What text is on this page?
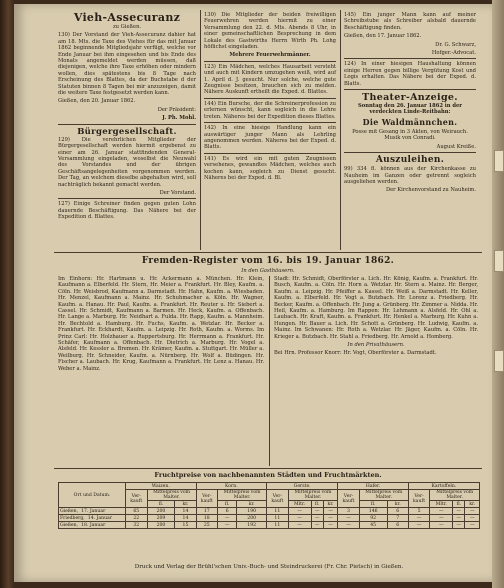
Vieh-Assecuranz

zu Gießen.

130) Der Vorstand der Vieh-Assecuranz dahier hat am 18. Mts. die Taxe des Viehes für das mit Januar 1862 beginnende Mitgliedsjahr verfügt, welche vor Ende Januar bei ihm eingesehen und bis Ende des Monats angemeldet werden müssen, daß diejenigen, welche ihre Taxe erhöhen oder mindern wollen, dies spätestens bis 8 Tage nach Erscheinung des Blattes, da der Buchstabe d der Statuten binnen 8 Tagen bei mir anzuzeigen, damit die weitere Taxe festgesetzt werden kann.

Gießen, den 20. Januar 1862.

Der Präsident:

J. Ph. Mohl.

Bürgergesellschaft.

129) Die verehrlichen Mitglieder der Bürgergesellschaft werden hiermit ergebenst zu einer am 26. Januar stattfindenden General-Versammlung eingeladen, woselbst die Neuwahl des Vorstandes und der übrigen Geschäftsangelegenheiten vorgenommen werden. Der Tag, an welchem dieselbe abgehalten wird, soll nachträglich bekannt gemacht werden.

Der Vorstand.

127) Einige Schreiner finden gegen guten Lohn dauernde Beschäftigung. Das Nähere bei der Expedition d. Blattes.

130) Die Mitglieder der beiden freiwilligen Feuerwehren werden hiermit zu einer Versammlung den 22. d. Mts. Abends 8 Uhr, in einer gemeinschaftlichen Besprechung in dem Lokale des Gastwirths Herrn Wirth Ph. Lohg höflichst eingeladen.

Mehrere Feuerwehrmänner.

123) Ein Mädchen, welches Hausarbeit versteht und auch mit Kindern umzugehen weiß, wird auf 1. April d. J. gesucht. Nur solche, welche gute Zeugnisse besitzen, brauchen sich zu melden. Nähere Auskunft ertheilt die Exped. d. Blattes.

144) Ein Bursche, der die Schreinerprofession zu erlernen wünscht, kann sogleich in die Lehre treten. Näheres bei der Expedition dieses Blattes.

142) In eine hiesige Handlung kann ein auswärtiger junger Mann als Lehrling angenommen werden. Näheres bei der Exped. d. Blatts.

141) Es wird ein mit guten Zeugnissen versehenes, gewandtes Mädchen, welches auch kochen kann, sogleich zu Dienst gesucht. Näheres bei der Exped. d. Bl.

145) Ein junger Mann kann auf meiner Schreibstube als Schreiber alsbald dauernde Beschäftigung finden.

Gießen, den 17. Januar 1862.

Dr. G. Schwarz,

Hofger.-Advocat.

124) In einer hiesigen Haushaltung können einige Herren gegen billige Vergütung Kost und Logis erhalten. Das Nähere bei der Exped. d. Blatts.

Theater-Anzeige.

Sonntag den 26. Januar 1862 in der verdeckten Linde-Reitbahn:

Die Waldmännchen.

Posse mit Gesang in 3 Akten, von Weirauch. Musik von Conradi.

August Kreiße.

Auszuleihen.

99) 334 fl. können aus der Kirchenkasse zu Nauheim im Ganzen oder getrennt sogleich ausgeliehen werden.

Der Kirchenvorstand zu Nauheim.

Fremden-Register vom 16. bis 19. Januar 1862.
In den Gasthäusern.

Im Einhorn: Hr. Hartmann u. Hr. Ackermann a. München. Hr. Klein, Kaufmann a. Elberfeld. Hr. Stern, Hr. Meier a. Frankfurt. Hr. Bley, Kaufm. a. Cöln. Hr. Weisbrod, Kaufmann a. Darmstadt. Hr. Hahn, Kaufm. a. Wiesbaden. Hr. Menzel, Kaufmann a. Mainz. Hr. Schuhmacher a. Köln. Hr. Wagner, Kaufm. a. Hanau. Hr. Paul, Kaufm. a. Frankfurt. Hr. Reuter u. Hr. Siebert a. Cassel. Hr. Schmidt, Kaufmann a. Barmen. Hr. Heck, Kaufm. a. Offenbach. Hr. Lange a. Marburg. Hr. Neidhart a. Fulda. Hr. Rapp, Kaufm. a. Mannheim. Hr. Bechtold a. Hamburg. Hr. Fuchs, Kaufm. a. Wetzlar. Hr. Becker a. Frankfurt. Hr. Eckhardt, Kaufm. a. Leipzig. Hr. Roth, Kaufm. a. Worms. Im Prinz Carl: Hr. Holzhauer a. Ruppertsburg. Hr. Herrmann a. Frankfurt. Hr. Schäfer, Kaufmann a. Offenbach. Hr. Dietrich a. Marburg. Hr. Vogel a. Alsfeld. Hr. Kessler a. Bremen. Hr. Krämer, Kaufm. a. Stuttgart. Hr. Müller a. Weilburg. Hr. Schneider, Kaufm. a. Nürnberg. Hr. Wolf a. Büdingen. Hr. Fischer a. Laubach. Hr. Krug, Kaufmann a. Frankfurt. Hr. Lenz a. Hanau. Hr. Weber a. Mainz.

Stadt: Hr. Schmidt, Oberförster a. Lich. Hr. König, Kaufm. a. Frankfurt. Hr. Busch, Kaufm. a. Cöln. Hr. Horn a. Wetzlar. Hr. Stern a. Mainz. Hr. Berger, Kaufm. a. Leipzig. Hr. Pfeiffer a. Kassel. Hr. Weiß a. Darmstadt. Hr. Keller, Kaufm. a. Elberfeld. Hr. Vogt a. Butzbach. Hr. Lorenz a. Friedberg. Hr. Becker, Kaufm. a. Offenbach. Hr. Jung a. Grünberg. Hr. Zimmer a. Nidda. Hr. Heil, Kaufm. a. Hamburg. Im Rappen: Hr. Lehmann a. Alsfeld. Hr. Ohl a. Laubach. Hr. Kraft, Kaufm. a. Frankfurt. Hr. Henkel a. Marburg. Hr. Kuhn a. Hungen. Hr. Bauer a. Lich. Hr. Schott a. Grünberg. Hr. Ludwig, Kaufm. a. Mainz. Im Schwanen: Hr. Roth a. Wetzlar. Hr. Jäger, Kaufm. a. Cöln. Hr. Krieger a. Butzbach. Hr. Stahl a. Friedberg. Hr. Arnold a. Homberg.

In den Privathäusern.

Bei Hrn. Professor Knorr: Hr. Vogt, Oberförster a. Darmstadt.

Fruchtpreise von nachbenannten Städten und Fruchtmärkten.
Ort und Datum.	Waizen.			Korn.			Gerste.				Hafer.			Kartoffeln.			
	Ver-kauft	Mittelpreis vom Malter.		Ver-kauft	Mittelpreis vom Malter.		Ver-kauft	Mittelpreis vom Malter.			Ver-kauft	Mittelpreis vom Malter.		Ver-kauft	Mittelpreis vom Malter.		
		fl.	kr.		fl.	kr.		Mltr.	fl.	kr.		fl.	kr.		Mltr.	fl.	kr.
Gießen, 17. Januar	65	200	14	17	6	190	11	—	—	—	3	146	6	5	—	—	—
Friedberg, 14. Januar	22	209	14	18	—	200	11	—	—	—	—	92	7	—	—	—	—
Gießen, 18. Januar	32	200	15	25	—	192	11	—	—	—	—	45	6	—	—	—	—
Druck und Verlag der Brühl'schen Univ.-Buch- und Steindruckerei (Fr. Chr. Pietsch) in Gießen.
